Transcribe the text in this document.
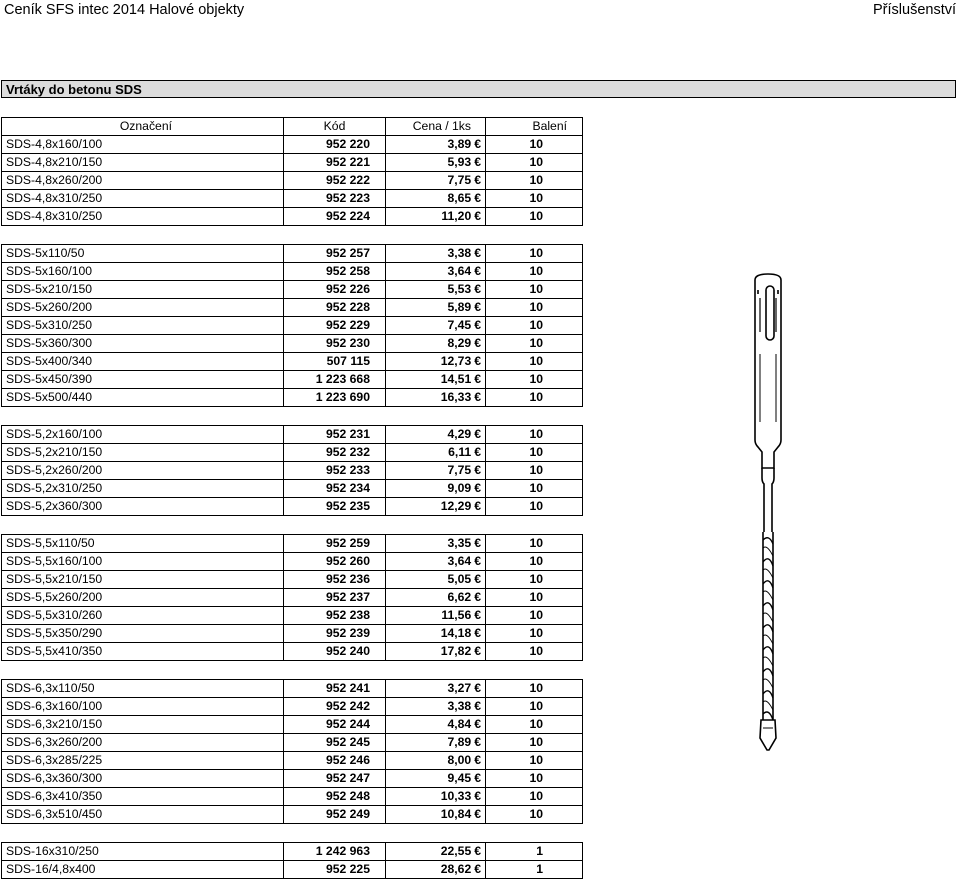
Ceník SFS intec 2014 Halové objekty	Příslušenství
Vrtáky do betonu SDS
Označení	Kód	Cena / 1ks	Balení
SDS-4,8x160/100	952 220	3,89 €	10
SDS-4,8x210/150	952 221	5,93 €	10
SDS-4,8x260/200	952 222	7,75 €	10
SDS-4,8x310/250	952 223	8,65 €	10
SDS-4,8x310/250	952 224	11,20 €	10

SDS-5x110/50	952 257	3,38 €	10
SDS-5x160/100	952 258	3,64 €	10
SDS-5x210/150	952 226	5,53 €	10
SDS-5x260/200	952 228	5,89 €	10
SDS-5x310/250	952 229	7,45 €	10
SDS-5x360/300	952 230	8,29 €	10
SDS-5x400/340	507 115	12,73 €	10
SDS-5x450/390	1 223 668	14,51 €	10
SDS-5x500/440	1 223 690	16,33 €	10

SDS-5,2x160/100	952 231	4,29 €	10
SDS-5,2x210/150	952 232	6,11 €	10
SDS-5,2x260/200	952 233	7,75 €	10
SDS-5,2x310/250	952 234	9,09 €	10
SDS-5,2x360/300	952 235	12,29 €	10

SDS-5,5x110/50	952 259	3,35 €	10
SDS-5,5x160/100	952 260	3,64 €	10
SDS-5,5x210/150	952 236	5,05 €	10
SDS-5,5x260/200	952 237	6,62 €	10
SDS-5,5x310/260	952 238	11,56 €	10
SDS-5,5x350/290	952 239	14,18 €	10
SDS-5,5x410/350	952 240	17,82 €	10

SDS-6,3x110/50	952 241	3,27 €	10
SDS-6,3x160/100	952 242	3,38 €	10
SDS-6,3x210/150	952 244	4,84 €	10
SDS-6,3x260/200	952 245	7,89 €	10
SDS-6,3x285/225	952 246	8,00 €	10
SDS-6,3x360/300	952 247	9,45 €	10
SDS-6,3x410/350	952 248	10,33 €	10
SDS-6,3x510/450	952 249	10,84 €	10

SDS-16x310/250	1 242 963	22,55 €	1
SDS-16/4,8x400	952 225	28,62 €	1
